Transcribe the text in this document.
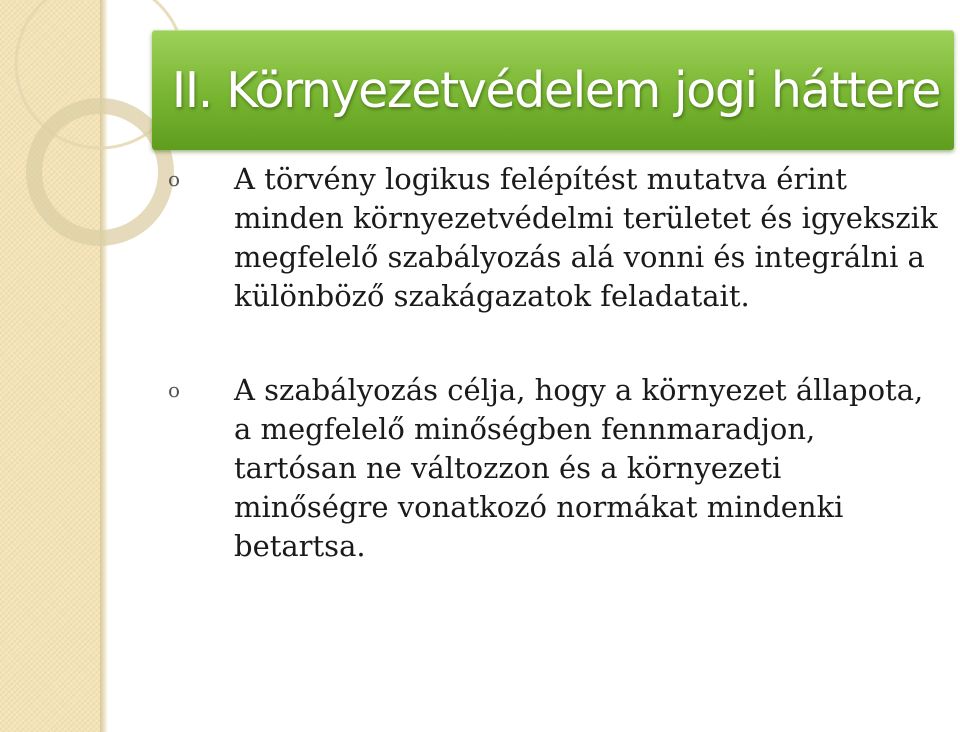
II. Környezetvédelem jogi háttere
o	A törvény logikus felépítést mutatva érint minden környezetvédelmi területet és igyekszik megfelelő szabályozás alá vonni és integrálni a különböző szakágazatok feladatait.
o	A szabályozás célja, hogy a környezet állapota, a megfelelő minőségben fennmaradjon, tartósan ne változzon és a környezeti minőségre vonatkozó normákat mindenki betartsa.
